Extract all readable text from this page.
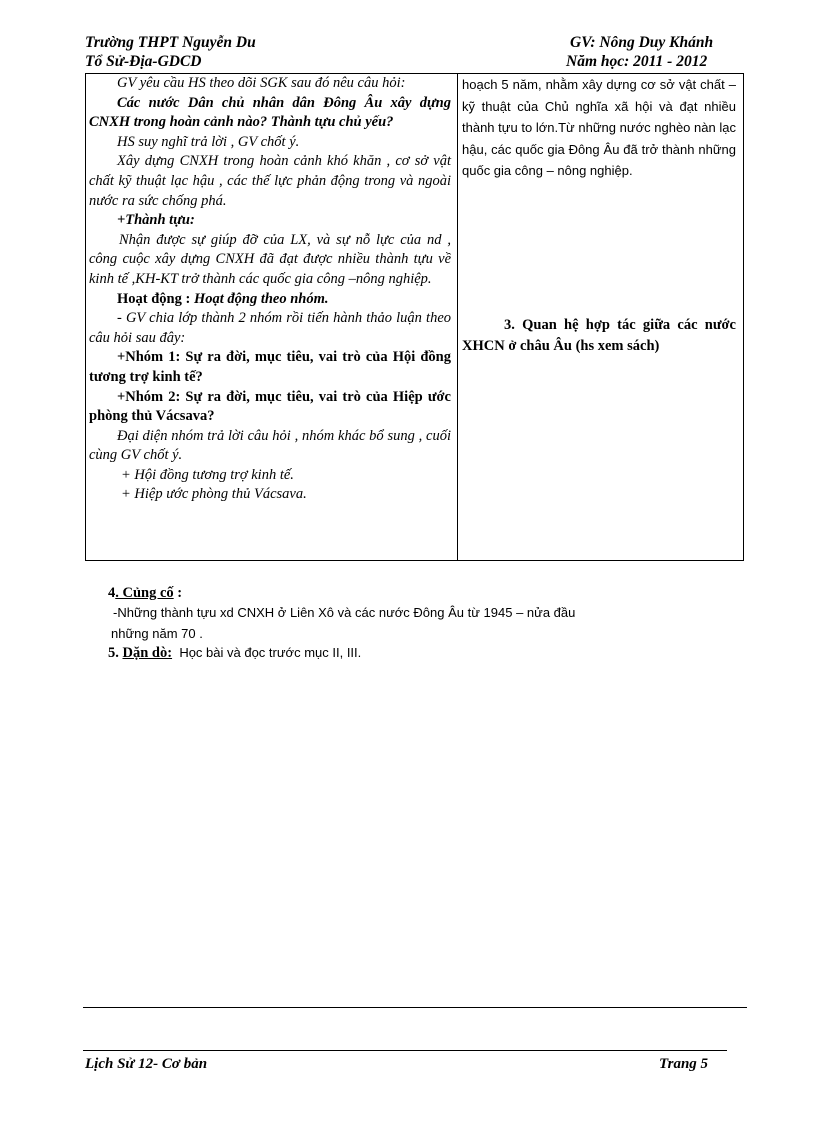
Trường THPT Nguyễn Du
Tổ Sử-Địa-GDCD
GV: Nông Duy Khánh
Năm học: 2011 - 2012

GV yêu cầu HS theo dõi SGK sau đó nêu câu hỏi:

Các nước Dân chủ nhân dân Đông Âu xây dựng CNXH trong hoàn cảnh nào? Thành tựu chủ yếu?

HS suy nghĩ trả lời , GV chốt ý.

Xây dựng CNXH trong hoàn cảnh khó khăn , cơ sở vật chất kỹ thuật lạc hậu , các thế lực phản động trong và ngoài nước ra sức chống phá.

+Thành tựu:

Nhận được sự giúp đỡ của LX, và sự nỗ lực của nd , công cuộc xây dựng CNXH đã đạt được nhiều thành tựu về kinh tế ,KH-KT trở thành các quốc gia công –nông nghiệp.

Hoạt động : Hoạt động theo nhóm.

- GV chia lớp thành 2 nhóm rồi tiến hành thảo luận theo câu hỏi sau đây:

+Nhóm 1: Sự ra đời, mục tiêu, vai trò của Hội đồng tương trợ kinh tế?

+Nhóm 2: Sự ra đời, mục tiêu, vai trò của Hiệp ước phòng thủ Vácsava?

Đại diện nhóm trả lời câu hỏi , nhóm khác bổ sung , cuối cùng GV chốt ý.

+ Hội đồng tương trợ kinh tế.

+ Hiệp ước phòng thủ Vácsava.

hoạch 5 năm, nhằm xây dựng cơ sở vật chất – kỹ thuật của Chủ nghĩa xã hội và đạt nhiều thành tựu to lớn.Từ những nước nghèo nàn lạc hậu, các quốc gia Đông Âu đã trở thành những quốc gia công – nông nghiệp.

3. Quan hệ hợp tác giữa các nước XHCN ở châu Âu (hs xem sách)

4. Củng cố :
-Những thành tựu xd CNXH ở Liên Xô và các nước Đông Âu từ 1945 – nửa đầu
những năm 70 .
5. Dặn dò: Học bài và đọc trước mục II, III.
Lịch Sử 12- Cơ bản	Trang 5
